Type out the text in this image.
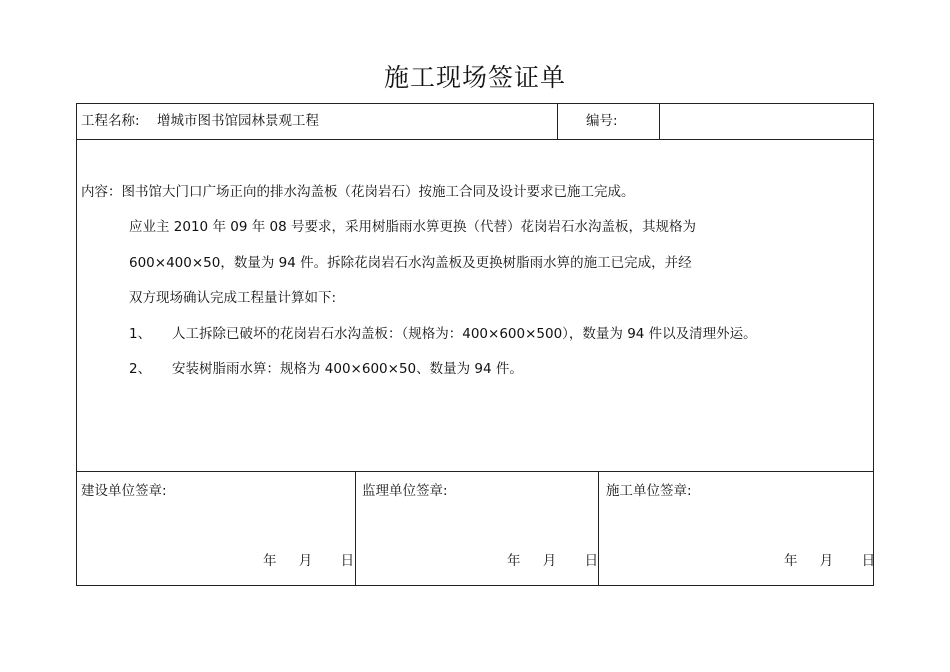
施工现场签证单
工程名称: 增城市图书馆园林景观工程	编号:
内容：图书馆大门口广场正向的排水沟盖板（花岗岩石）按施工合同及设计要求已施工完成。
应业主 2010 年 09 年 08 号要求，采用树脂雨水箅更换（代替）花岗岩石水沟盖板，其规格为
600×400×50，数量为 94 件。拆除花岗岩石水沟盖板及更换树脂雨水箅的施工已完成，并经
双方现场确认完成工程量计算如下:
1、 人工拆除已破坏的花岗岩石水沟盖板：（规格为：400×600×500），数量为 94 件以及清理外运。
2、 安装树脂雨水箅：规格为 400×600×50、数量为 94 件。
建设单位签章:	监理单位签章:	施工单位签章:
年 月 日	年 月 日	年 月 日
